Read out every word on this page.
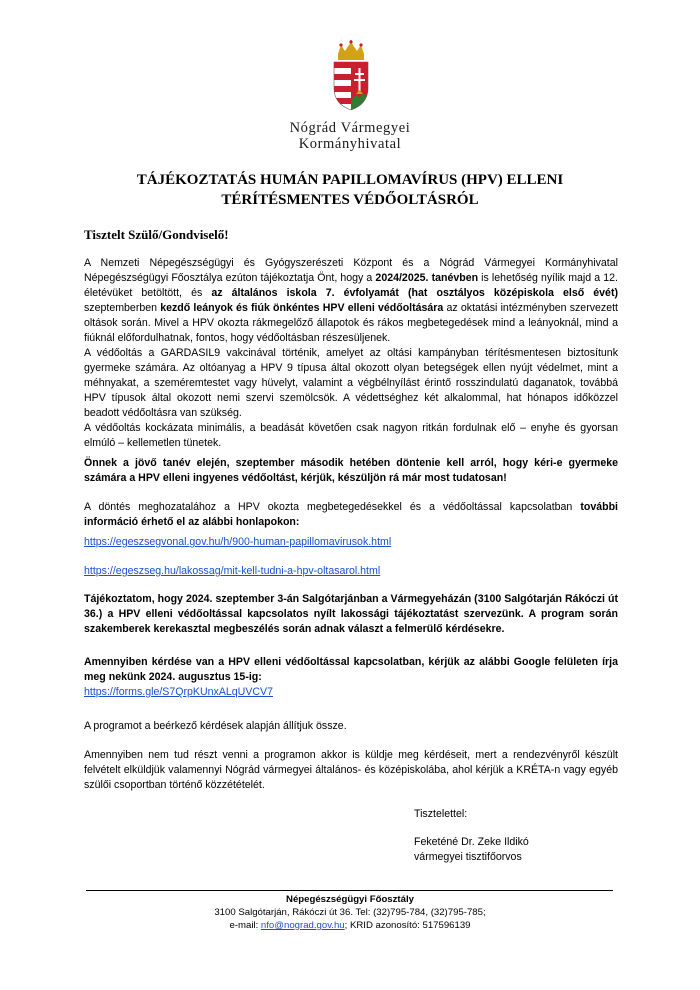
Nógrád Vármegyei
Kormányhivatal
TÁJÉKOZTATÁS HUMÁN PAPILLOMAVÍRUS (HPV) ELLENI
TÉRÍTÉSMENTES VÉDŐOLTÁSRÓL
Tisztelt Szülő/Gondviselő!

A Nemzeti Népegészségügyi és Gyógyszerészeti Központ és a Nógrád Vármegyei Kormányhivatal Népegészségügyi Főosztálya ezúton tájékoztatja Önt, hogy a 2024/2025. tanévben is lehetőség nyílik majd a 12. életévüket betöltött, és az általános iskola 7. évfolyamát (hat osztályos középiskola első évét) szeptemberben kezdő leányok és fiúk önkéntes HPV elleni védőoltására az oktatási intézményben szervezett oltások során. Mivel a HPV okozta rákmegelőző állapotok és rákos megbetegedések mind a leányoknál, mind a fiúknál előfordulhatnak, fontos, hogy védőoltásban részesüljenek.

A védőoltás a GARDASIL9 vakcinával történik, amelyet az oltási kampányban térítésmentesen biztosítunk gyermeke számára. Az oltóanyag a HPV 9 típusa által okozott olyan betegségek ellen nyújt védelmet, mint a méhnyakat, a szeméremtestet vagy hüvelyt, valamint a végbélnyílást érintő rosszindulatú daganatok, továbbá HPV típusok által okozott nemi szervi szemölcsök. A védettséghez két alkalommal, hat hónapos időközzel beadott védőoltásra van szükség.

A védőoltás kockázata minimális, a beadását követően csak nagyon ritkán fordulnak elő – enyhe és gyorsan elmúló – kellemetlen tünetek.

Önnek a jövő tanév elején, szeptember második hetében döntenie kell arról, hogy kéri-e gyermeke számára a HPV elleni ingyenes védőoltást, kérjük, készüljön rá már most tudatosan!

A döntés meghozatalához a HPV okozta megbetegedésekkel és a védőoltással kapcsolatban további információ érhető el az alábbi honlapokon:

https://egeszsegvonal.gov.hu/h/900-human-papillomavirusok.html
https://egeszseg.hu/lakossag/mit-kell-tudni-a-hpv-oltasarol.html

Tájékoztatom, hogy 2024. szeptember 3-án Salgótarjánban a Vármegyeházán (3100 Salgótarján Rákóczi út 36.) a HPV elleni védőoltással kapcsolatos nyílt lakossági tájékoztatást szervezünk. A program során szakemberek kerekasztal megbeszélés során adnak választ a felmerülő kérdésekre.

Amennyiben kérdése van a HPV elleni védőoltással kapcsolatban, kérjük az alábbi Google felületen írja meg nekünk 2024. augusztus 15-ig:

https://forms.gle/S7QrpKUnxALqUVCV7

A programot a beérkező kérdések alapján állítjuk össze.

Amennyiben nem tud részt venni a programon akkor is küldje meg kérdéseit, mert a rendezvényről készült felvételt elküldjük valamennyi Nógrád vármegyei általános- és középiskolába, ahol kérjük a KRÉTA-n vagy egyéb szülői csoportban történő közzétételét.

Tisztelettel:
Feketéné Dr. Zeke Ildikó
vármegyei tisztifőorvos
Népegészségügyi Főosztály
3100 Salgótarján, Rákóczi út 36. Tel: (32)795-784, (32)795-785;
e-mail: nfo@nograd.gov.hu; KRID azonosító: 517596139
